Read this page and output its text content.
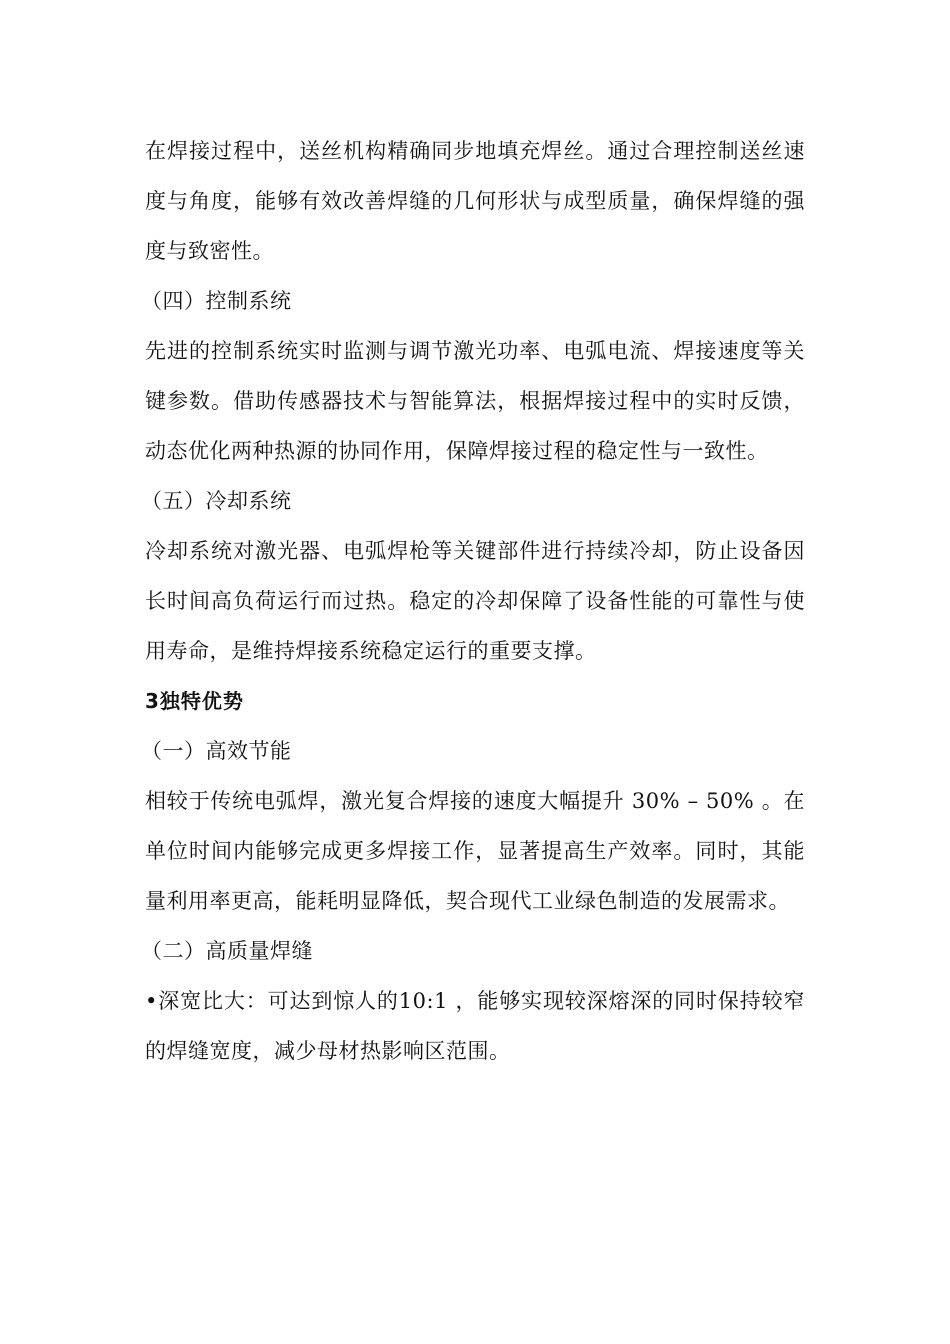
在焊接过程中，送丝机构精确同步地填充焊丝。通过合理控制送丝速度与角度，能够有效改善焊缝的几何形状与成型质量，确保焊缝的强度与致密性。

（四）控制系统

先进的控制系统实时监测与调节激光功率、电弧电流、焊接速度等关键参数。借助传感器技术与智能算法，根据焊接过程中的实时反馈，动态优化两种热源的协同作用，保障焊接过程的稳定性与一致性。

（五）冷却系统

冷却系统对激光器、电弧焊枪等关键部件进行持续冷却，防止设备因长时间高负荷运行而过热。稳定的冷却保障了设备性能的可靠性与使用寿命，是维持焊接系统稳定运行的重要支撑。

3独特优势

（一）高效节能

相较于传统电弧焊，激光复合焊接的速度大幅提升 30% – 50% 。在单位时间内能够完成更多焊接工作，显著提高生产效率。同时，其能量利用率更高，能耗明显降低，契合现代工业绿色制造的发展需求。

（二）高质量焊缝

•深宽比大：可达到惊人的10:1 ，能够实现较深熔深的同时保持较窄的焊缝宽度，减少母材热影响区范围。
